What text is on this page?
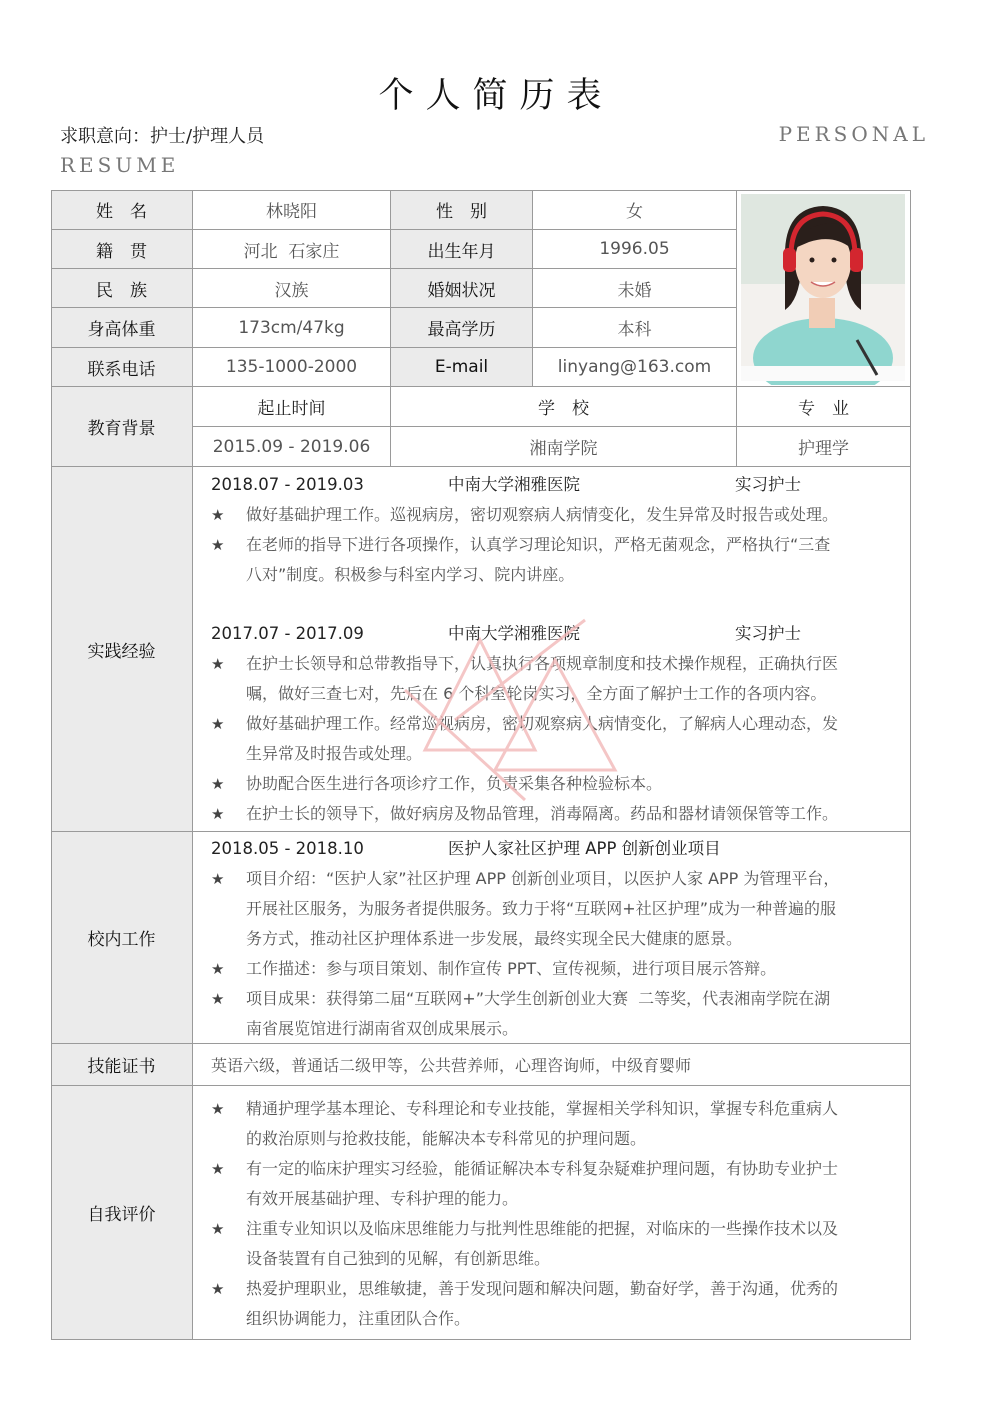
个人简历表
求职意向：护士/护理人员	PERSONAL
RESUME
姓　名	林晓阳	性　别	女
籍　贯	河北  石家庄	出生年月	1996.05
民　族	汉族	婚姻状况	未婚
身高体重	173cm/47kg	最高学历	本科
联系电话	135-1000-2000	E-mail	linyang@163.com
教育背景
起止时间	学　校	专　业
2015.09 - 2019.06	湘南学院	护理学
实践经验
2018.07 - 2019.03	中南大学湘雅医院	实习护士
★	做好基础护理工作。巡视病房，密切观察病人病情变化，发生异常及时报告或处理。
★	在老师的指导下进行各项操作，认真学习理论知识，严格无菌观念，严格执行“三查
八对”制度。积极参与科室内学习、院内讲座。
2017.07 - 2017.09	中南大学湘雅医院	实习护士
★	在护士长领导和总带教指导下，认真执行各项规章制度和技术操作规程，正确执行医
嘱，做好三查七对，先后在 6 个科室轮岗实习，全方面了解护士工作的各项内容。
★	做好基础护理工作。经常巡视病房，密切观察病人病情变化，了解病人心理动态，发
生异常及时报告或处理。
★	协助配合医生进行各项诊疗工作，负责采集各种检验标本。
★	在护士长的领导下，做好病房及物品管理，消毒隔离。药品和器材请领保管等工作。
校内工作
2018.05 - 2018.10	医护人家社区护理 APP 创新创业项目
★	项目介绍：“医护人家”社区护理 APP 创新创业项目，以医护人家 APP 为管理平台，
开展社区服务，为服务者提供服务。致力于将“互联网+社区护理”成为一种普遍的服
务方式，推动社区护理体系进一步发展，最终实现全民大健康的愿景。
★	工作描述：参与项目策划、制作宣传 PPT、宣传视频，进行项目展示答辩。
★	项目成果：获得第二届“互联网+”大学生创新创业大赛  二等奖，代表湘南学院在湖
南省展览馆进行湖南省双创成果展示。
技能证书	英语六级，普通话二级甲等，公共营养师，心理咨询师，中级育婴师
自我评价
★	精通护理学基本理论、专科理论和专业技能，掌握相关学科知识，掌握专科危重病人
的救治原则与抢救技能，能解决本专科常见的护理问题。
★	有一定的临床护理实习经验，能循证解决本专科复杂疑难护理问题，有协助专业护士
有效开展基础护理、专科护理的能力。
★	注重专业知识以及临床思维能力与批判性思维能的把握，对临床的一些操作技术以及
设备装置有自己独到的见解，有创新思维。
★	热爱护理职业，思维敏捷，善于发现问题和解决问题，勤奋好学，善于沟通，优秀的
组织协调能力，注重团队合作。
